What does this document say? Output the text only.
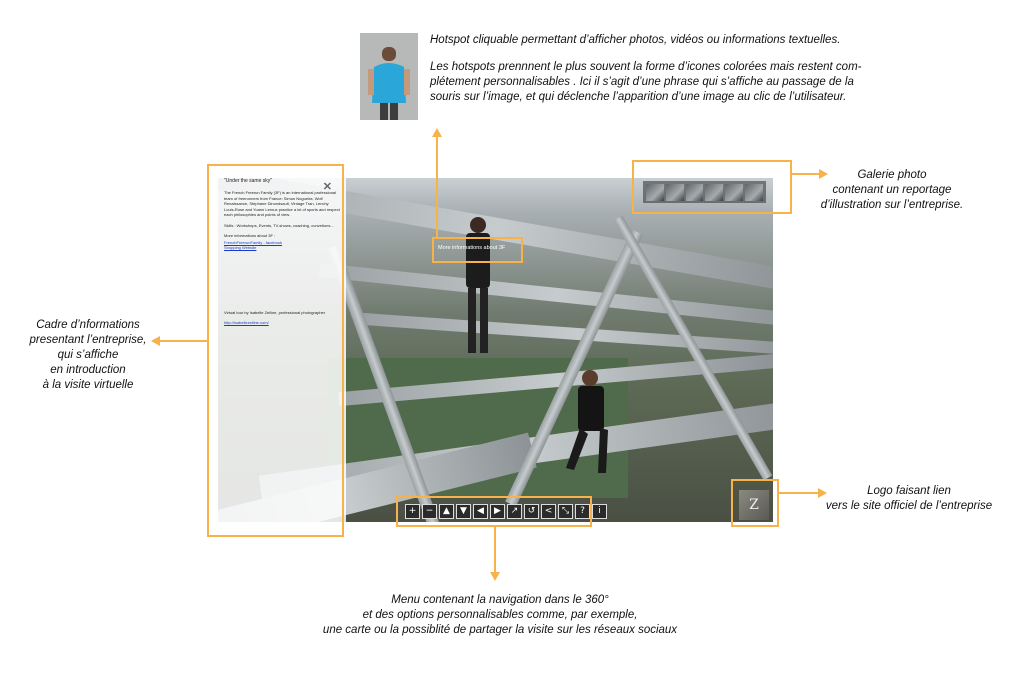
Hotspot cliquable permettant d’afficher photos, vidéos ou informations textuelles.

Les hotspots prennnent le plus souvent la forme d’icones colorées mais restent com-

plétement personnalisables . Ici il s’agit d’une phrase qui s’affiche au passage de la

souris sur l’image, et qui déclenche l’apparition d’une image au clic de l’utilisateur.

More informations about 3F
"Under the same sky"	✕

The French Freerun Family (3F) is an international professional team of freerunners from France: Simon Nogueira, Wolf Renaissance, Stéphane Dinondsault, Vintage Tran, Lenchy Louis-Rose and Yoann Leroux practice a lot of sports and respect each philosophies and points of view.

Skills : Workshops, Events, TV-shows, coaching, convetions...

More informations about 3F :

FrenchFreerunFamily - facebook
Shopping Website

Virtual tour by Isabelle Zeiline, professional photographer

http://isabellezeiline.com/
+	−	▲	▼	◀	▶	↗	↺	<	⤡	?	i	Z

Galerie photo

contenant un reportage

d’illustration sur l’entreprise.

Cadre d’nformations

presentant l’entreprise,

qui s’affiche

en introduction

à la visite virtuelle

Logo faisant lien

vers le site officiel de l’entreprise

Menu contenant la navigation dans le 360°

et des options personnalisables comme, par exemple,

une carte ou la possiblité de partager la visite sur les réseaux sociaux
